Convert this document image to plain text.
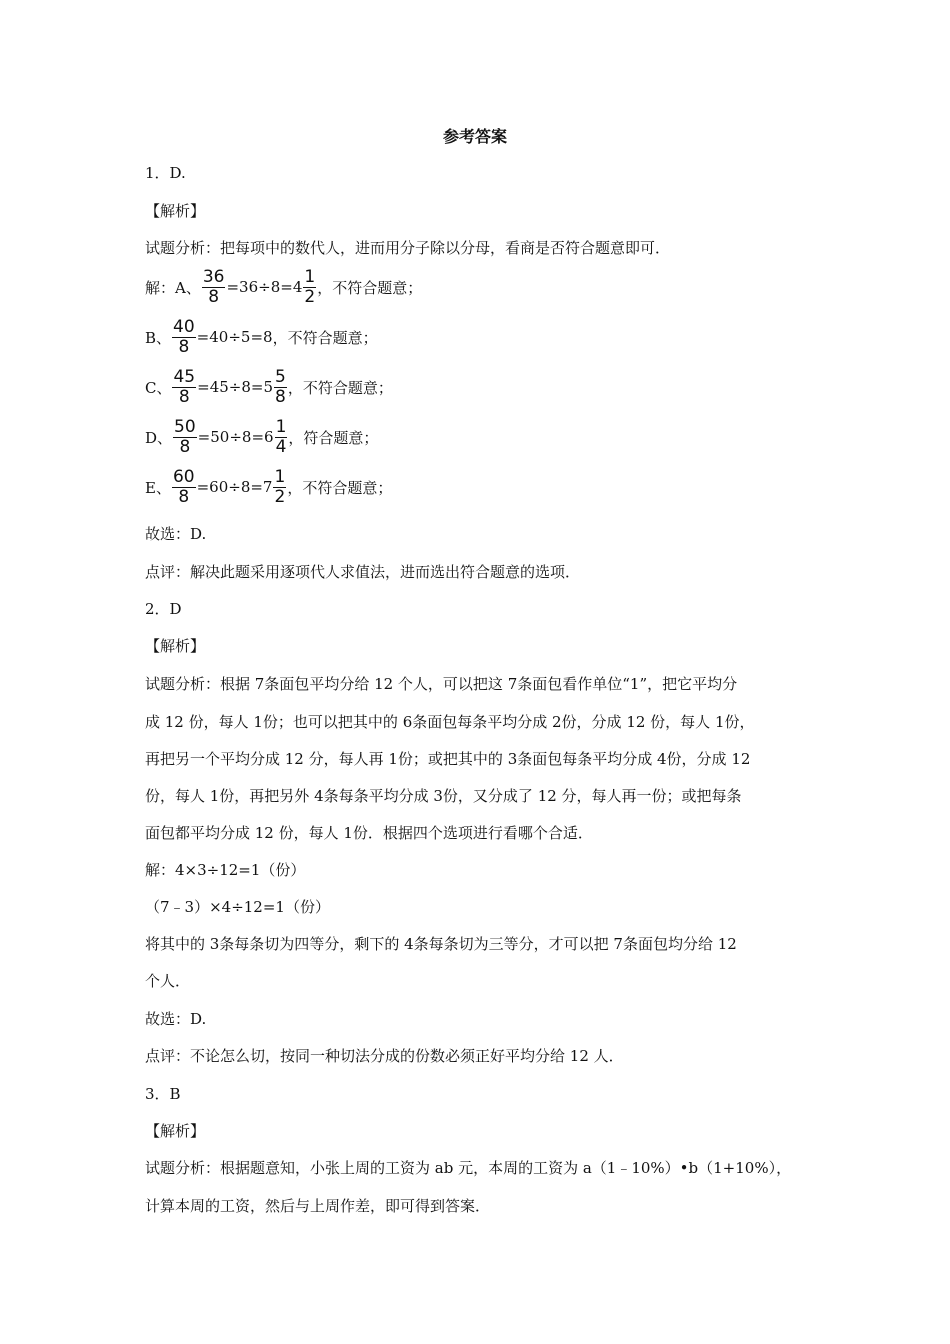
参考答案
1．D.
【解析】
试题分析：把每项中的数代人，进而用分子除以分母，看商是否符合题意即可．
解：A、 $\frac{36}{8} =36\div 8=4 \frac{1}{2}$ ，不符合题意；
B、 $\frac{40}{8} =40\div 5=8$ ，不符合题意；
C、 $\frac{45}{8} =45\div 8=5 \frac{5}{8}$ ，不符合题意；
D、 $\frac{50}{8} =50\div 8=6 \frac{1}{4}$ ，符合题意；
E、 $\frac{60}{8} =60\div 8=7 \frac{1}{2}$ ，不符合题意；
故选：D.
点评：解决此题采用逐项代人求值法，进而选出符合题意的选项．
2．D
【解析】
试题分析：根据 7条面包平均分给 12 个人，可以把这 7条面包看作单位“1”，把它平均分
成 12 份，每人 1份；也可以把其中的 6条面包每条平均分成 2份，分成 12 份，每人 1份，
再把另一个平均分成 12 分，每人再 1份；或把其中的 3条面包每条平均分成 4份，分成 12
份，每人 1份，再把另外 4条每条平均分成 3份，又分成了 12 分，每人再一份；或把每条
面包都平均分成 12 份，每人 1份．根据四个选项进行看哪个合适．
解：4×3÷12=1（份）
（7﹣3）×4÷12=1（份）
将其中的 3条每条切为四等分，剩下的 4条每条切为三等分，才可以把 7条面包均分给 12
个人．
故选：D.
点评：不论怎么切，按同一种切法分成的份数必须正好平均分给 12 人．
3．B
【解析】
试题分析：根据题意知，小张上周的工资为 ab 元，本周的工资为 a（1﹣10%）•b（1+10%），
计算本周的工资，然后与上周作差，即可得到答案．
